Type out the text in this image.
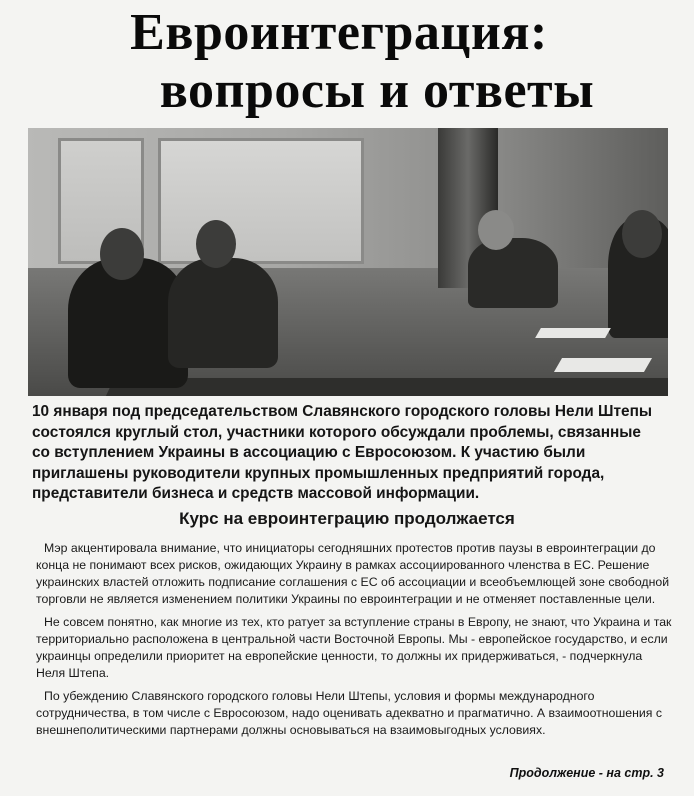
Евроинтеграция:
вопросы и ответы
10 января под председательством Славянского городского головы Нели Штепы состоялся круглый стол, участники которого обсуждали проблемы, связанные со вступлением Украины в ассоциацию с Евросоюзом. К участию были приглашены руководители крупных промышленных предприятий города, представители бизнеса и средств массовой информации.
Курс на евроинтеграцию продолжается

Мэр акцентировала внимание, что инициаторы сегодняшних протестов против паузы в евроинтеграции до конца не понимают всех рисков, ожидающих Украину в рамках ассоциированного членства в ЕС. Решение украинских властей отложить подписание соглашения с ЕС об ассоциации и всеобъемлющей зоне свободной торговли не является изменением политики Украины по евроинтеграции и не отменяет поставленные цели.

Не совсем понятно, как многие из тех, кто ратует за вступление страны в Европу, не знают, что Украина и так территориально расположена в центральной части Восточной Европы. Мы - европейское государство, и если украинцы определили приоритет на европейские ценности, то должны их придерживаться, - подчеркнула Неля Штепа.

По убеждению Славянского городского головы Нели Штепы, условия и формы международного сотрудничества, в том числе с Евросоюзом, надо оценивать адекватно и прагматично. А взаимоотношения с внешнеполитическими партнерами должны основываться на взаимовыгодных условиях.

Продолжение - на стр. 3
